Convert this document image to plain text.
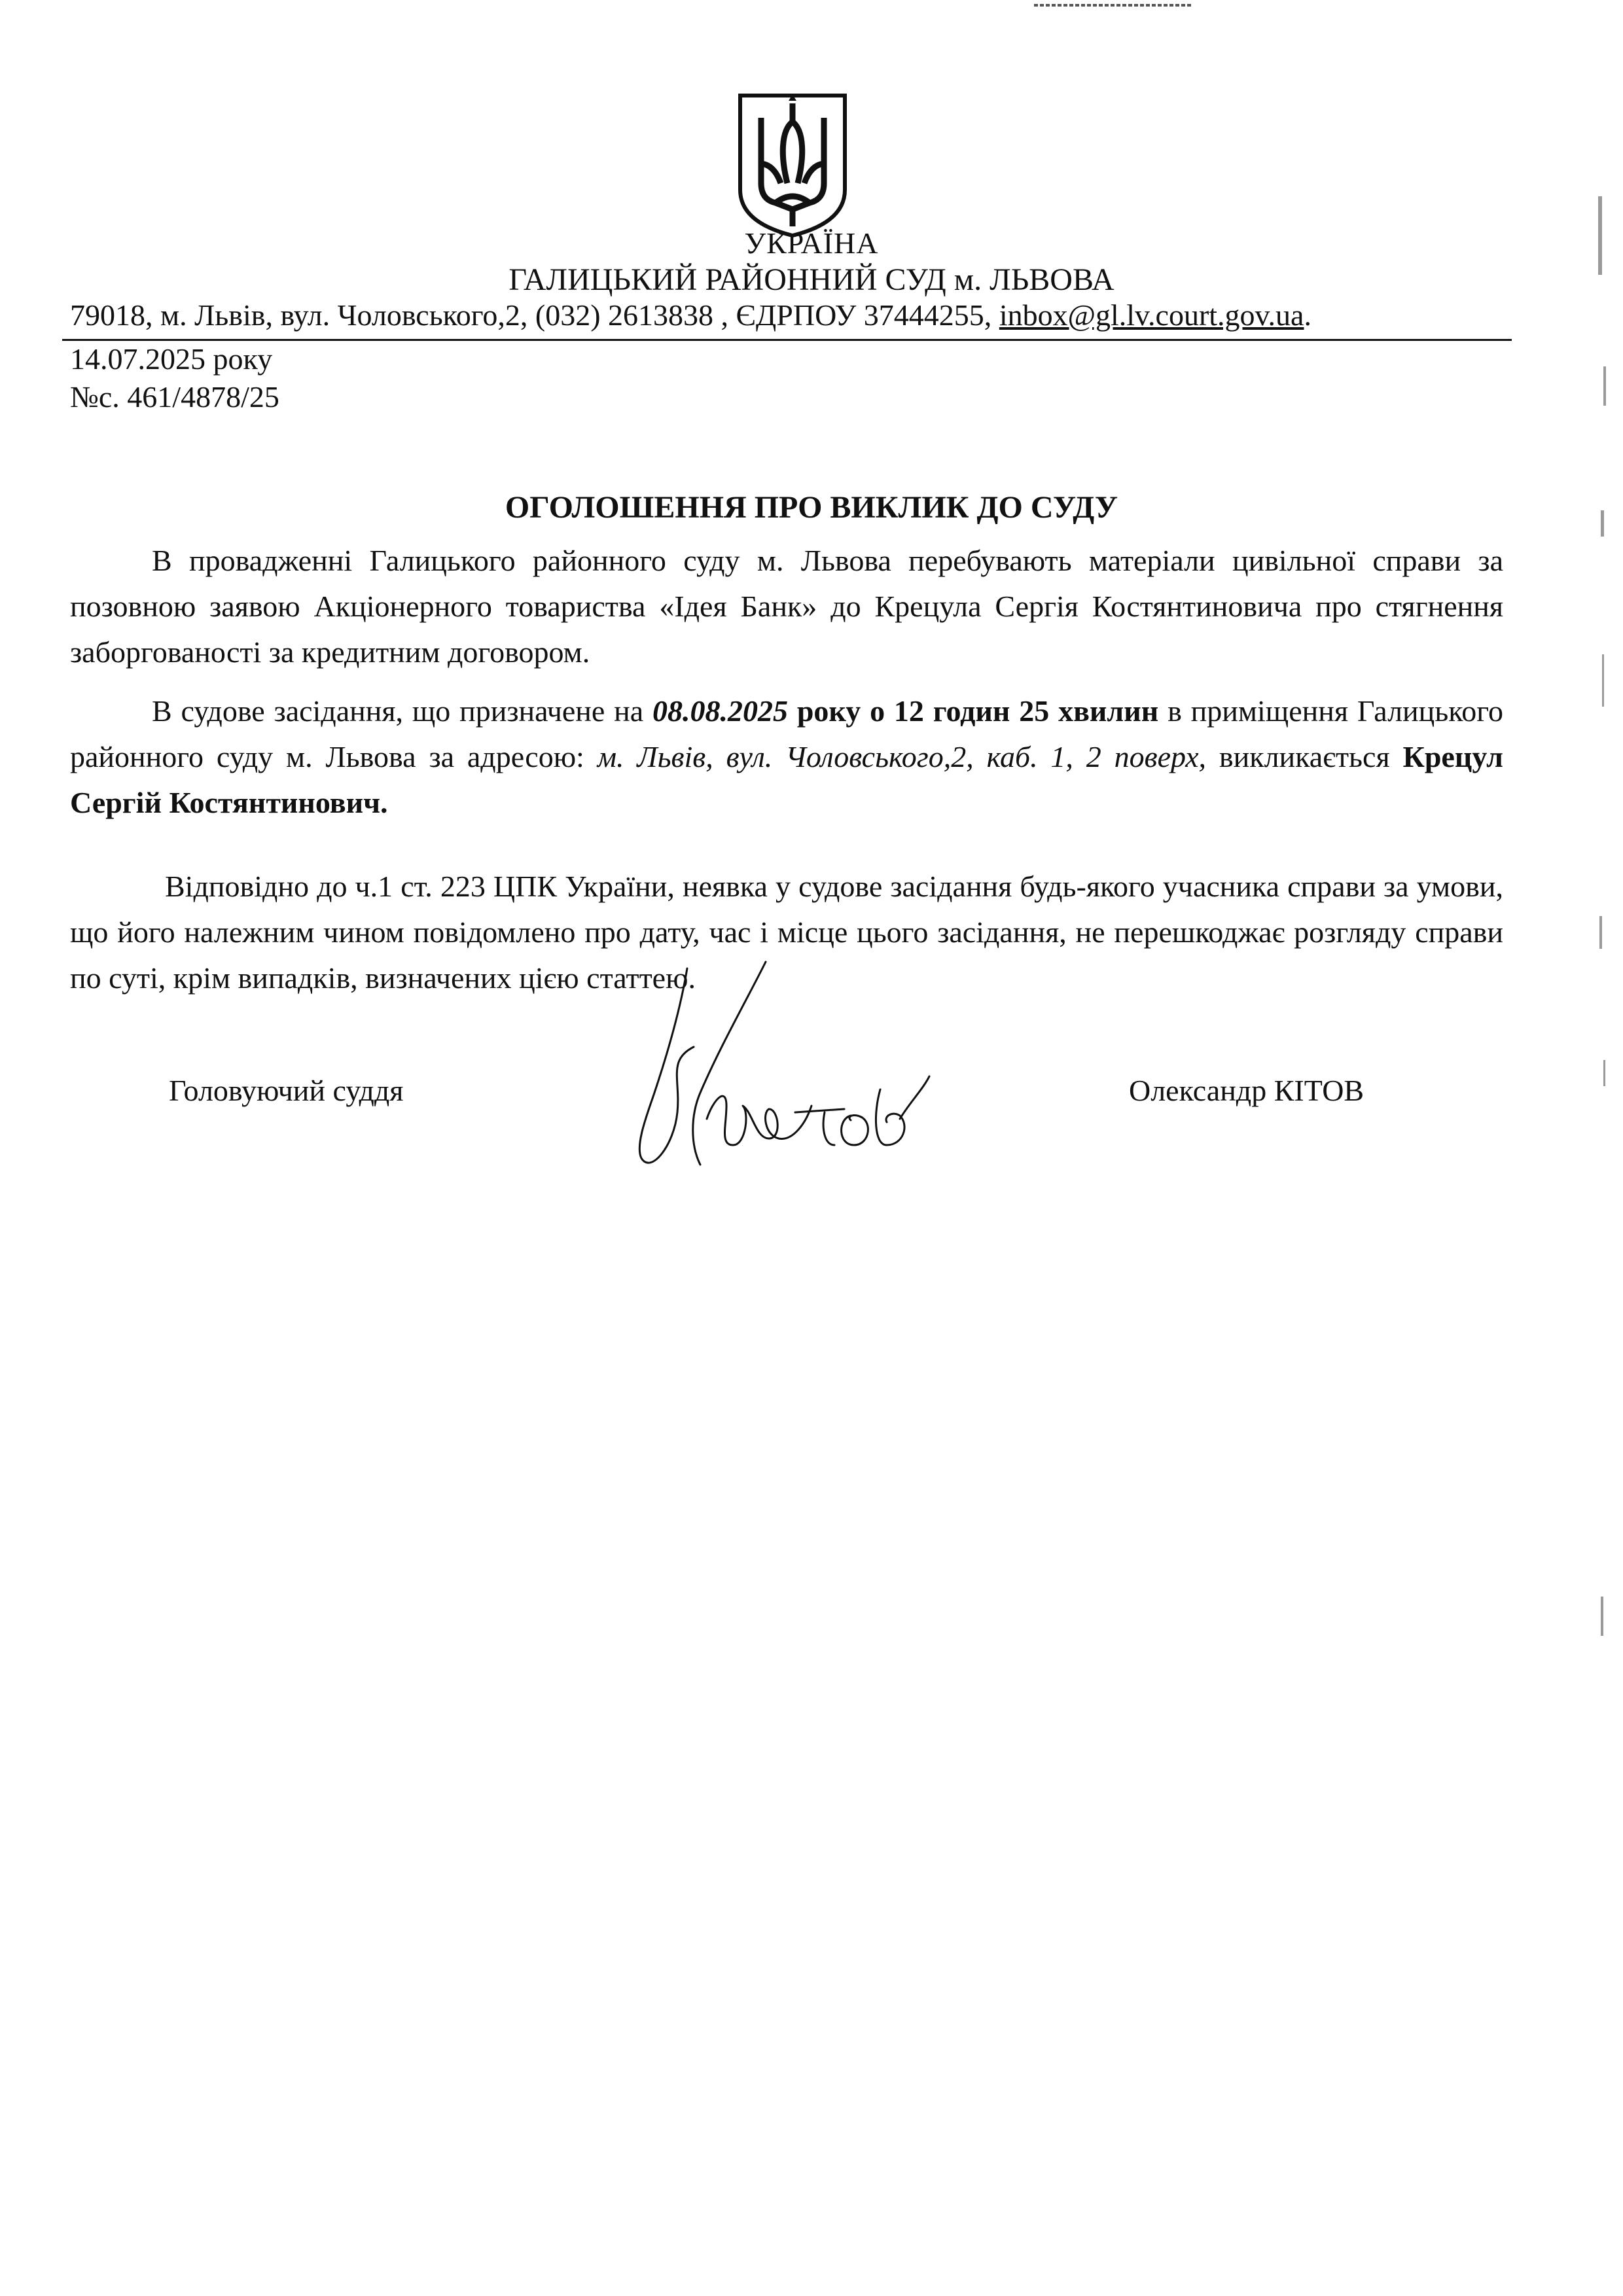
УКРАЇНА
ГАЛИЦЬКИЙ РАЙОННИЙ СУД м. ЛЬВОВА
79018, м. Львів, вул. Чоловського,2, (032) 2613838 , ЄДРПОУ 37444255, inbox@gl.lv.court.gov.ua.
14.07.2025 року
№с. 461/4878/25
ОГОЛОШЕННЯ ПРО ВИКЛИК ДО СУДУ
В провадженні Галицького районного суду м. Львова перебувають матеріали цивільної справи за позовною заявою Акціонерного товариства «Ідея Банк» до Крецула Сергія Костянтиновича про стягнення заборгованості за кредитним договором.
В судове засідання, що призначене на 08.08.2025 року о 12 годин 25 хвилин в приміщення Галицького районного суду м. Львова за адресою: м. Львів, вул. Чоловського,2, каб. 1, 2 поверх, викликається Крецул Сергій Костянтинович.
Відповідно до ч.1 ст. 223 ЦПК України, неявка у судове засідання будь-якого учасника справи за умови, що його належним чином повідомлено про дату, час і місце цього засідання, не перешкоджає розгляду справи по суті, крім випадків, визначених цією статтею.
Головуючий суддя	Олександр КІТОВ
